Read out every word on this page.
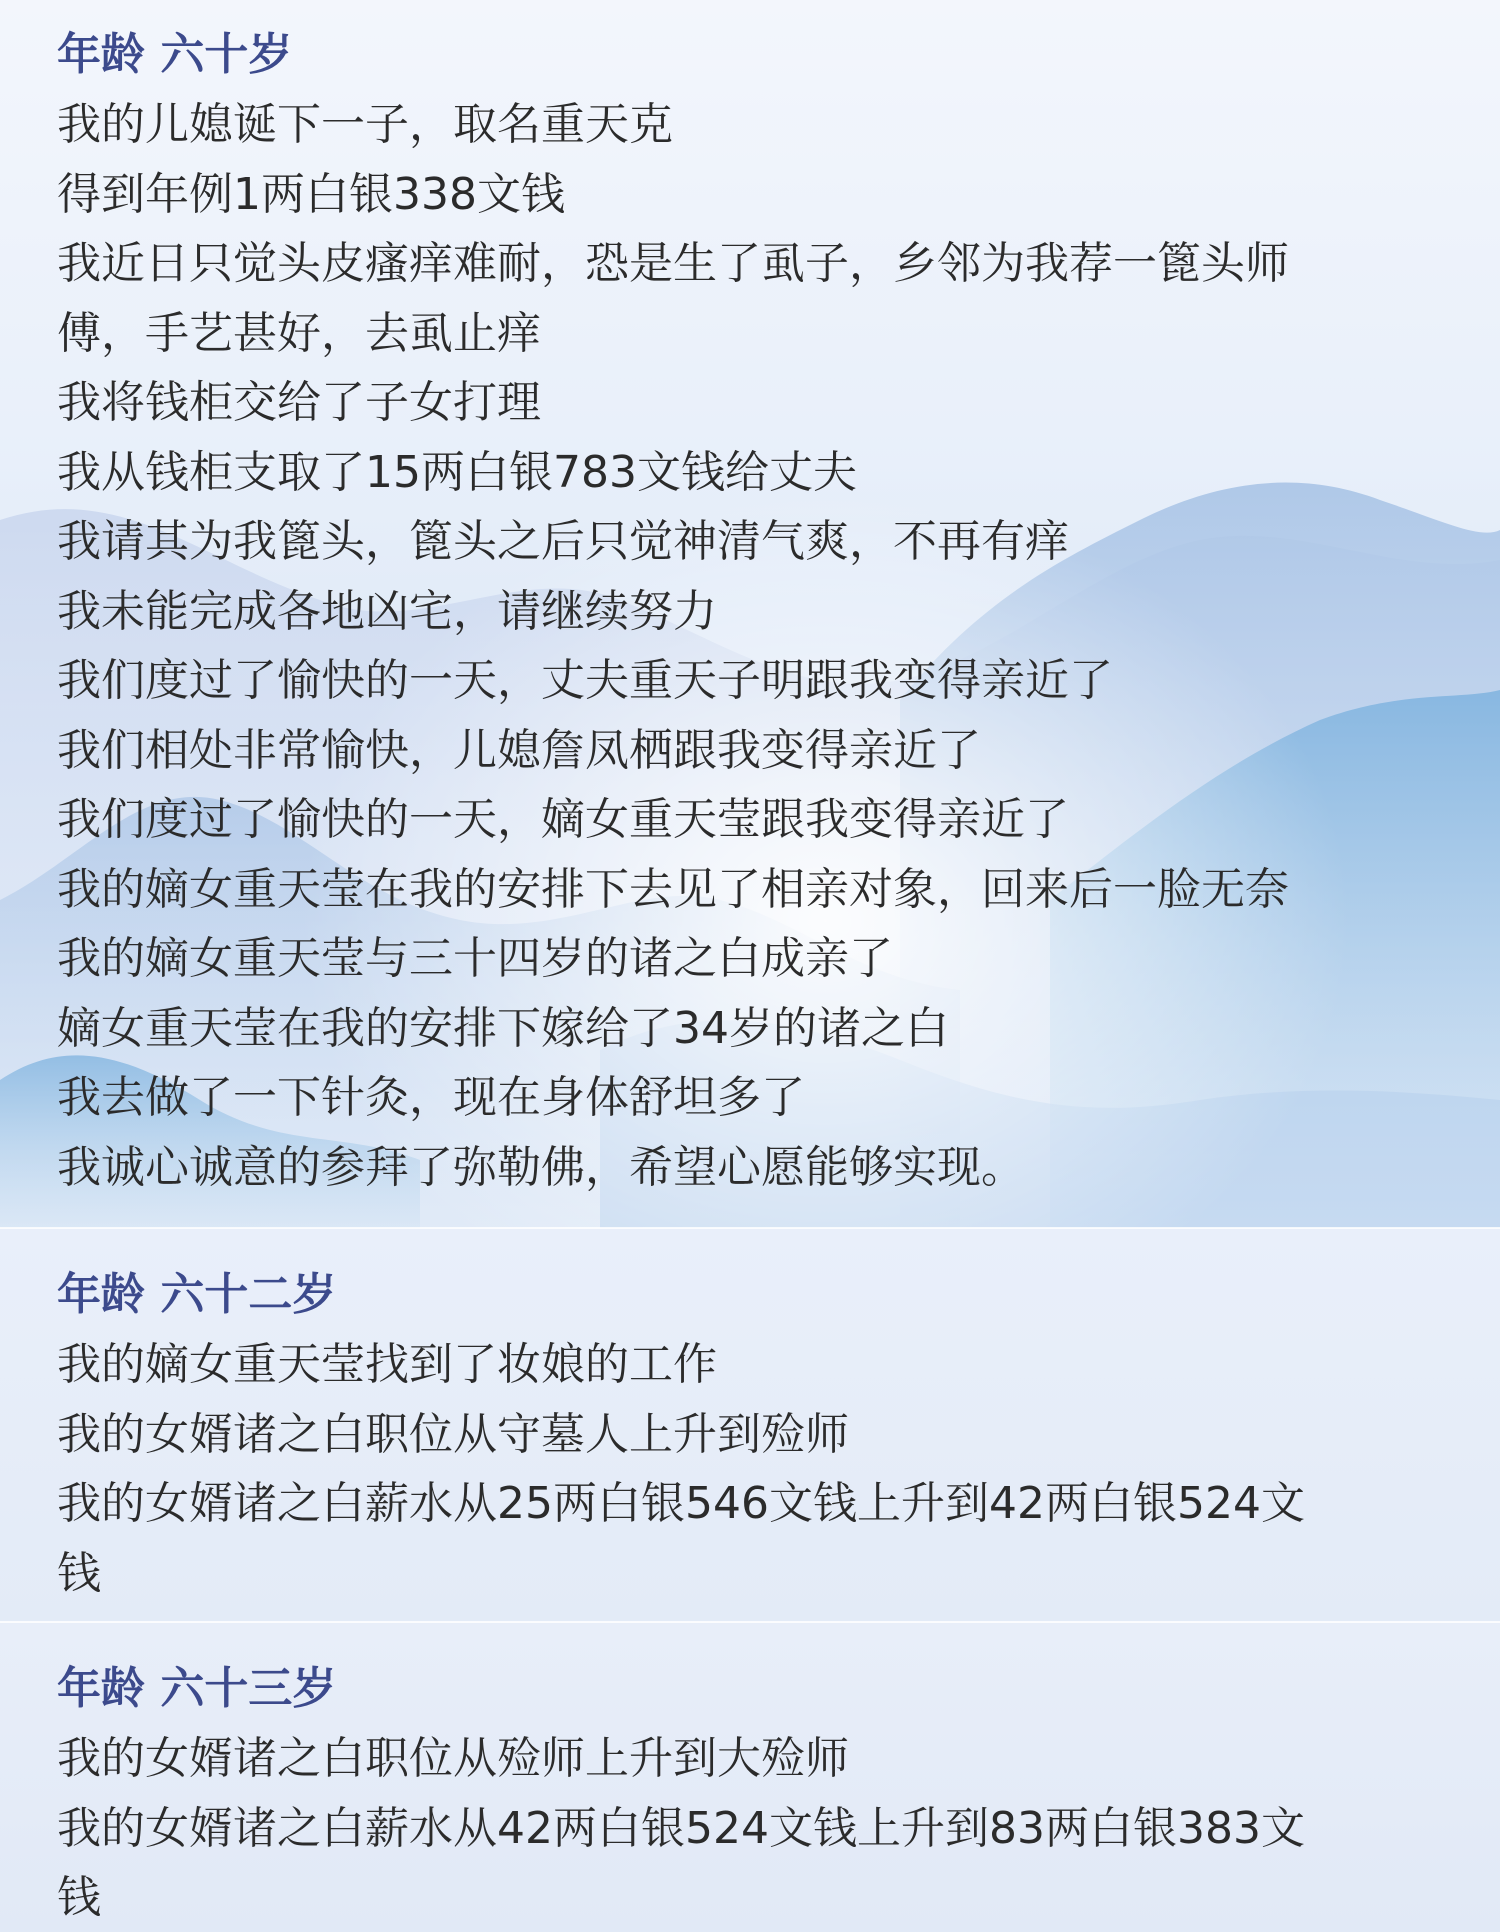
年龄 六十岁
我的儿媳诞下一子，取名重天克
得到年例1两白银338文钱
我近日只觉头皮瘙痒难耐，恐是生了虱子，乡邻为我荐一篦头师
傅，手艺甚好，去虱止痒
我将钱柜交给了子女打理
我从钱柜支取了15两白银783文钱给丈夫
我请其为我篦头，篦头之后只觉神清气爽，不再有痒
我未能完成各地凶宅，请继续努力
我们度过了愉快的一天，丈夫重天子明跟我变得亲近了
我们相处非常愉快，儿媳詹凤栖跟我变得亲近了
我们度过了愉快的一天，嫡女重天莹跟我变得亲近了
我的嫡女重天莹在我的安排下去见了相亲对象，回来后一脸无奈
我的嫡女重天莹与三十四岁的诸之白成亲了
嫡女重天莹在我的安排下嫁给了34岁的诸之白
我去做了一下针灸，现在身体舒坦多了
我诚心诚意的参拜了弥勒佛，希望心愿能够实现。
年龄 六十二岁
我的嫡女重天莹找到了妆娘的工作
我的女婿诸之白职位从守墓人上升到殓师
我的女婿诸之白薪水从25两白银546文钱上升到42两白银524文
钱
年龄 六十三岁
我的女婿诸之白职位从殓师上升到大殓师
我的女婿诸之白薪水从42两白银524文钱上升到83两白银383文
钱
